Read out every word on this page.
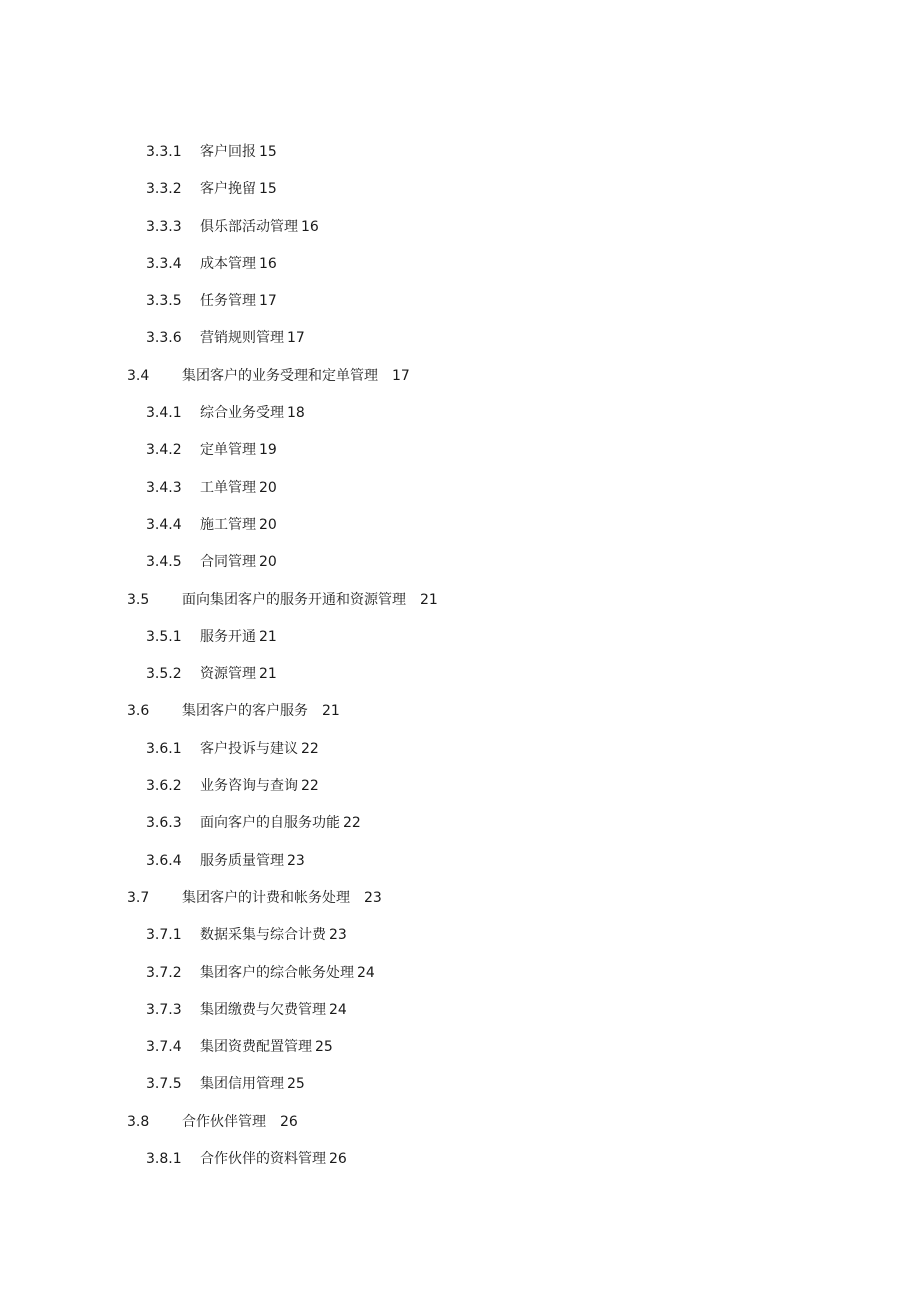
3.3.1 客户回报 15
3.3.2 客户挽留 15
3.3.3 俱乐部活动管理 16
3.3.4 成本管理 16
3.3.5 任务管理 17
3.3.6 营销规则管理 17
3.4 集团客户的业务受理和定单管理 17
3.4.1 综合业务受理 18
3.4.2 定单管理 19
3.4.3 工单管理 20
3.4.4 施工管理 20
3.4.5 合同管理 20
3.5 面向集团客户的服务开通和资源管理 21
3.5.1 服务开通 21
3.5.2 资源管理 21
3.6 集团客户的客户服务 21
3.6.1 客户投诉与建议 22
3.6.2 业务咨询与查询 22
3.6.3 面向客户的自服务功能 22
3.6.4 服务质量管理 23
3.7 集团客户的计费和帐务处理 23
3.7.1 数据采集与综合计费 23
3.7.2 集团客户的综合帐务处理 24
3.7.3 集团缴费与欠费管理 24
3.7.4 集团资费配置管理 25
3.7.5 集团信用管理 25
3.8 合作伙伴管理 26
3.8.1 合作伙伴的资料管理 26
